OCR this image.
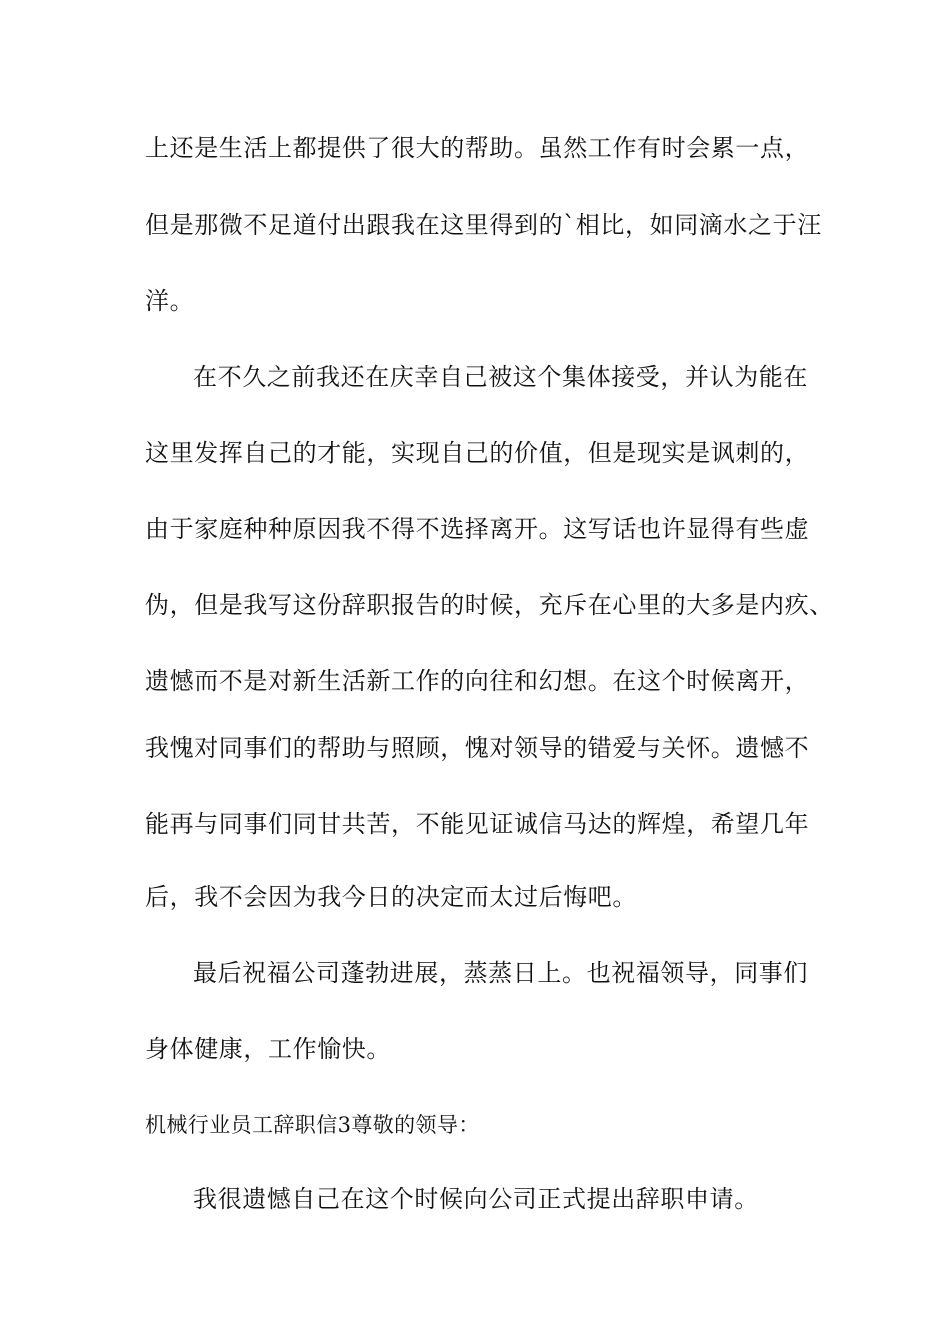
上还是生活上都提供了很大的帮助。虽然工作有时会累一点，
但是那微不足道付出跟我在这里得到的`相比，如同滴水之于汪
洋。
在不久之前我还在庆幸自己被这个集体接受，并认为能在
这里发挥自己的才能，实现自己的价值，但是现实是讽刺的，
由于家庭种种原因我不得不选择离开。这写话也许显得有些虚
伪，但是我写这份辞职报告的时候，充斥在心里的大多是内疚、
遗憾而不是对新生活新工作的向往和幻想。在这个时候离开，
我愧对同事们的帮助与照顾，愧对领导的错爱与关怀。遗憾不
能再与同事们同甘共苦，不能见证诚信马达的辉煌，希望几年
后，我不会因为我今日的决定而太过后悔吧。
最后祝福公司蓬勃进展，蒸蒸日上。也祝福领导，同事们
身体健康，工作愉快。
机械行业员工辞职信3尊敬的领导：
我很遗憾自己在这个时候向公司正式提出辞职申请。
